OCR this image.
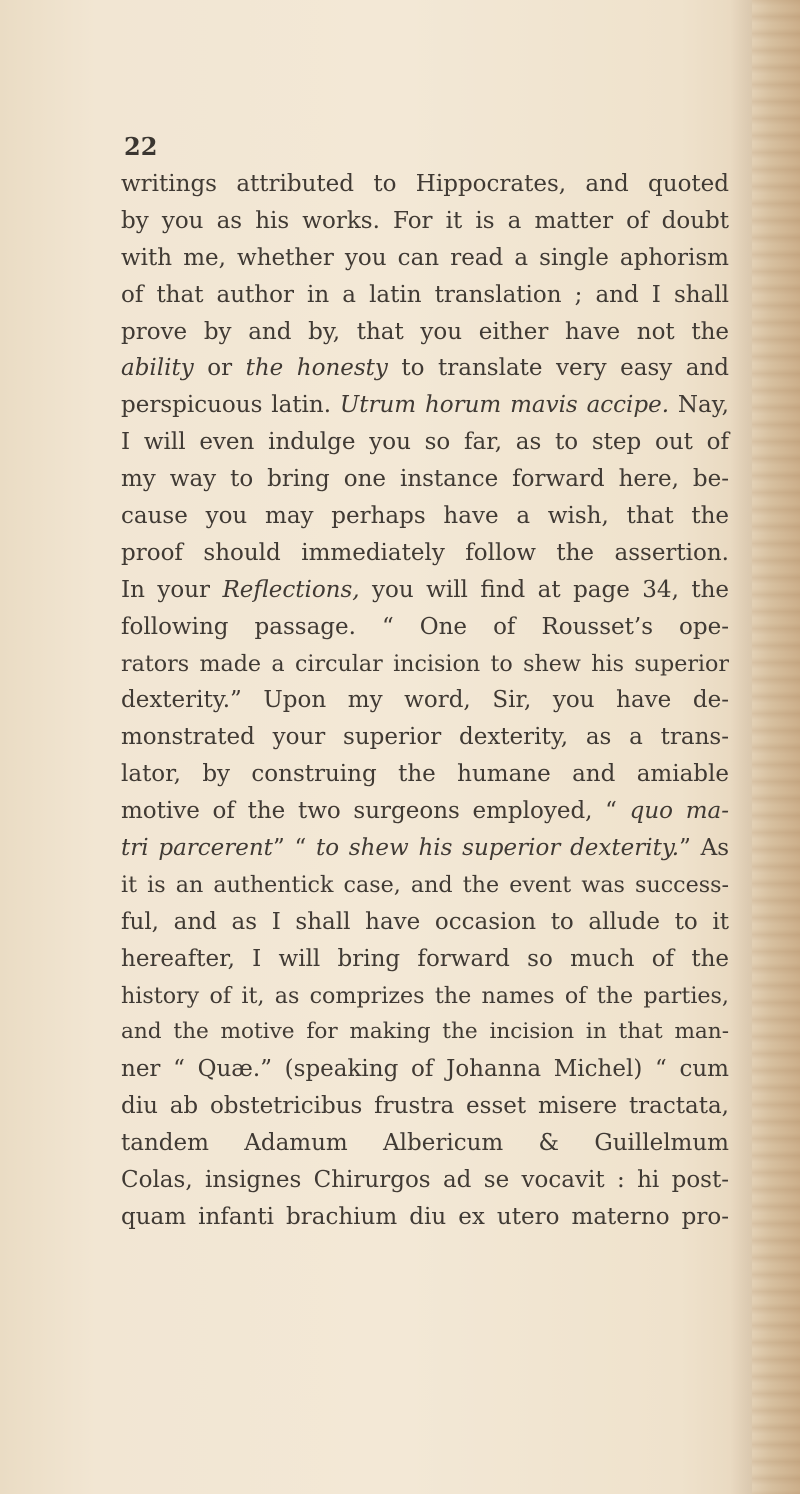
22
writings attributed to Hippocrates, and quoted
by you as his works. For it is a matter of doubt
with me, whether you can read a single aphorism
of that author in a latin translation ; and I shall
prove by and by, that you either have not the
ability or the honesty to translate very easy and
perspicuous latin. Utrum horum mavis accipe. Nay,
I will even indulge you so far, as to step out of
my way to bring one instance forward here, be-
cause you may perhaps have a wish, that the
proof should immediately follow the assertion.
In your Reflections, you will find at page 34, the
following passage. “ One of Rousset’s ope-
rators made a circular incision to shew his superior
dexterity.” Upon my word, Sir, you have de-
monstrated your superior dexterity, as a trans-
lator, by construing the humane and amiable
motive of the two surgeons employed, “ quo ma-
tri parcerent” “ to shew his superior dexterity.” As
it is an authentick case, and the event was success-
ful, and as I shall have occasion to allude to it
hereafter, I will bring forward so much of the
history of it, as comprizes the names of the parties,
and the motive for making the incision in that man-
ner “ Quæ.” (speaking of Johanna Michel) “ cum
diu ab obstetricibus frustra esset misere tractata,
tandem Adamum Albericum & Guillelmum
Colas, insignes Chirurgos ad se vocavit : hi post-
quam infanti brachium diu ex utero materno pro-
